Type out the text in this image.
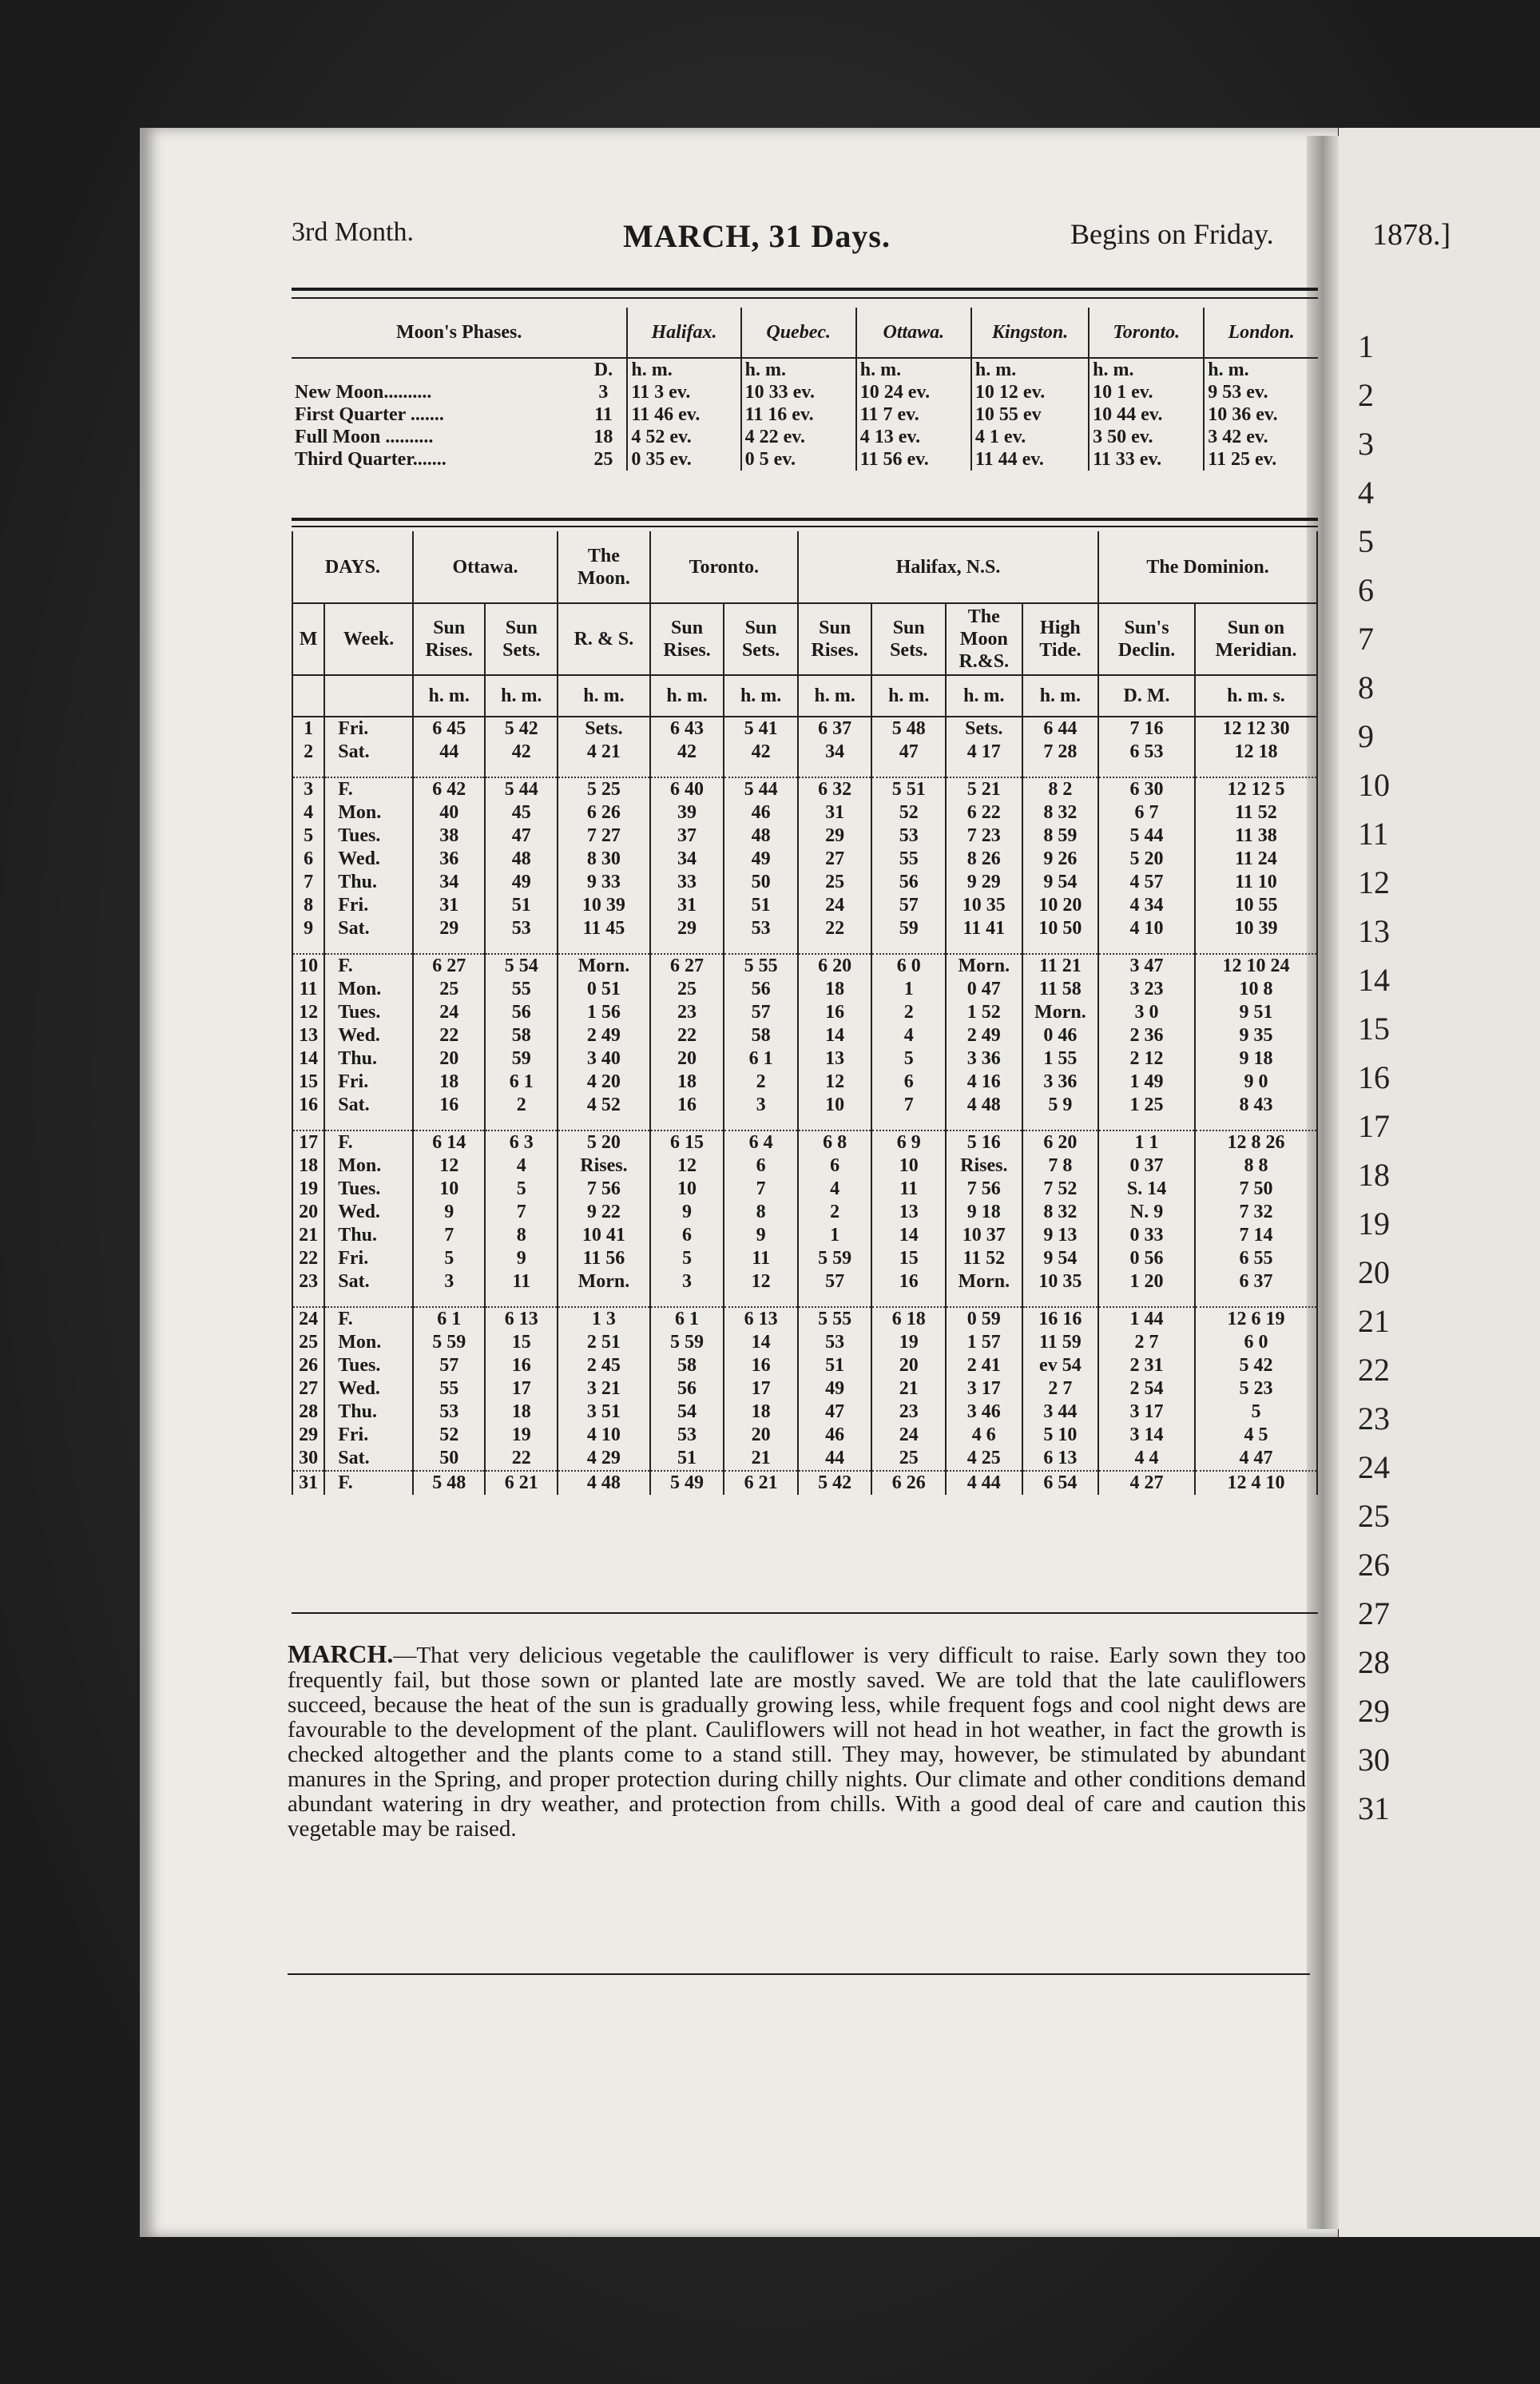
3rd Month.	MARCH, 31 Days.	Begins on Friday.	1878.]
Moon's Phases.		Halifax.	Quebec.	Ottawa.	Kingston.	Toronto.	London.
	D.	h. m.	h. m.	h. m.	h. m.	h. m.	h. m.
New Moon..........	3	11 3 ev.	10 33 ev.	10 24 ev.	10 12 ev.	10 1 ev.	9 53 ev.
First Quarter .......	11	11 46 ev.	11 16 ev.	11 7 ev.	10 55 ev	10 44 ev.	10 36 ev.
Full Moon ..........	18	4 52 ev.	4 22 ev.	4 13 ev.	4 1 ev.	3 50 ev.	3 42 ev.
Third Quarter.......	25	0 35 ev.	0 5 ev.	11 56 ev.	11 44 ev.	11 33 ev.	11 25 ev.
DAYS.		Ottawa.		The Moon.	Toronto.		Halifax, N.S.				The Dominion.	
M	Week.	Sun Rises.	Sun Sets.	R. & S.	Sun Rises.	Sun Sets.	Sun Rises.	Sun Sets.	The Moon R.&S.	High Tide.	Sun's Declin.	Sun on Meridian.
		h. m.	h. m.	h. m.	h. m.	h. m.	h. m.	h. m.	h. m.	h. m.	D. M.	h. m. s.
1	Fri.	6 45	5 42	Sets.	6 43	5 41	6 37	5 48	Sets.	6 44	7 16	12 12 30
2	Sat.	44	42	4 21	42	42	34	47	4 17	7 28	6 53	12 18

3	F.	6 42	5 44	5 25	6 40	5 44	6 32	5 51	5 21	8 2	6 30	12 12 5
4	Mon.	40	45	6 26	39	46	31	52	6 22	8 32	6 7	11 52
5	Tues.	38	47	7 27	37	48	29	53	7 23	8 59	5 44	11 38
6	Wed.	36	48	8 30	34	49	27	55	8 26	9 26	5 20	11 24
7	Thu.	34	49	9 33	33	50	25	56	9 29	9 54	4 57	11 10
8	Fri.	31	51	10 39	31	51	24	57	10 35	10 20	4 34	10 55
9	Sat.	29	53	11 45	29	53	22	59	11 41	10 50	4 10	10 39

10	F.	6 27	5 54	Morn.	6 27	5 55	6 20	6 0	Morn.	11 21	3 47	12 10 24
11	Mon.	25	55	0 51	25	56	18	1	0 47	11 58	3 23	10 8
12	Tues.	24	56	1 56	23	57	16	2	1 52	Morn.	3 0	9 51
13	Wed.	22	58	2 49	22	58	14	4	2 49	0 46	2 36	9 35
14	Thu.	20	59	3 40	20	6 1	13	5	3 36	1 55	2 12	9 18
15	Fri.	18	6 1	4 20	18	2	12	6	4 16	3 36	1 49	9 0
16	Sat.	16	2	4 52	16	3	10	7	4 48	5 9	1 25	8 43

17	F.	6 14	6 3	5 20	6 15	6 4	6 8	6 9	5 16	6 20	1 1	12 8 26
18	Mon.	12	4	Rises.	12	6	6	10	Rises.	7 8	0 37	8 8
19	Tues.	10	5	7 56	10	7	4	11	7 56	7 52	S. 14	7 50
20	Wed.	9	7	9 22	9	8	2	13	9 18	8 32	N. 9	7 32
21	Thu.	7	8	10 41	6	9	1	14	10 37	9 13	0 33	7 14
22	Fri.	5	9	11 56	5	11	5 59	15	11 52	9 54	0 56	6 55
23	Sat.	3	11	Morn.	3	12	57	16	Morn.	10 35	1 20	6 37

24	F.	6 1	6 13	1 3	6 1	6 13	5 55	6 18	0 59	16 16	1 44	12 6 19
25	Mon.	5 59	15	2 51	5 59	14	53	19	1 57	11 59	2 7	6 0
26	Tues.	57	16	2 45	58	16	51	20	2 41	ev 54	2 31	5 42
27	Wed.	55	17	3 21	56	17	49	21	3 17	2 7	2 54	5 23
28	Thu.	53	18	3 51	54	18	47	23	3 46	3 44	3 17	5
29	Fri.	52	19	4 10	53	20	46	24	4 6	5 10	3 14	4 5
30	Sat.	50	22	4 29	51	21	44	25	4 25	6 13	4 4	4 47
31	F.	5 48	6 21	4 48	5 49	6 21	5 42	6 26	4 44	6 54	4 27	12 4 10
MARCH.—That very delicious vegetable the cauliflower is very difficult to raise. Early sown they too frequently fail, but those sown or planted late are mostly saved. We are told that the late cauliflowers succeed, because the heat of the sun is gradually growing less, while frequent fogs and cool night dews are favourable to the development of the plant. Cauliflowers will not head in hot weather, in fact the growth is checked altogether and the plants come to a stand still. They may, however, be stimulated by abundant manures in the Spring, and proper protection during chilly nights. Our climate and other conditions demand abundant watering in dry weather, and protection from chills. With a good deal of care and caution this vegetable may be raised.
1
2
3
4
5
6
7
8
9
10
11
12
13
14
15
16
17
18
19
20
21
22
23
24
25
26
27
28
29
30
31
